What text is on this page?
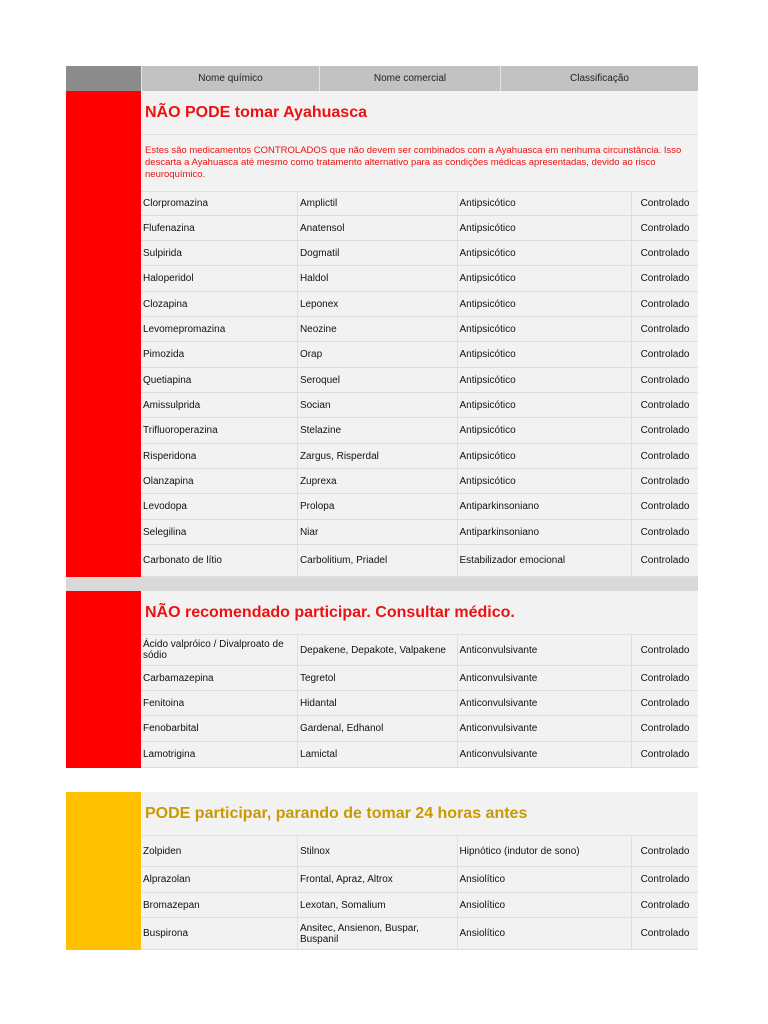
Nome químico	Nome comercial	Classificação
NÃO PODE tomar Ayahuasca
Estes são medicamentos CONTROLADOS que não devem ser combinados com a Ayahuasca em nenhuma circunstância. Isso descarta a Ayahuasca até mesmo como tratamento alternativo para as condições médicas apresentadas, devido ao risco neuroquímico.
Clorpromazina	Amplictil	Antipsicótico	Controlado
Flufenazina	Anatensol	Antipsicótico	Controlado
Sulpirida	Dogmatil	Antipsicótico	Controlado
Haloperidol	Haldol	Antipsicótico	Controlado
Clozapina	Leponex	Antipsicótico	Controlado
Levomepromazina	Neozine	Antipsicótico	Controlado
Pimozida	Orap	Antipsicótico	Controlado
Quetiapina	Seroquel	Antipsicótico	Controlado
Amissulprida	Socian	Antipsicótico	Controlado
Trifluoroperazina	Stelazine	Antipsicótico	Controlado
Risperidona	Zargus, Risperdal	Antipsicótico	Controlado
Olanzapina	Zuprexa	Antipsicótico	Controlado
Levodopa	Prolopa	Antiparkinsoniano	Controlado
Selegilina	Niar	Antiparkinsoniano	Controlado
Carbonato de lítio	Carbolitium, Priadel	Estabilizador emocional	Controlado
NÃO recomendado participar. Consultar médico.
Ácido valpróico / Divalproato de sódio	Depakene, Depakote, Valpakene	Anticonvulsivante	Controlado
Carbamazepina	Tegretol	Anticonvulsivante	Controlado
Fenitoina	Hidantal	Anticonvulsivante	Controlado
Fenobarbital	Gardenal, Edhanol	Anticonvulsivante	Controlado
Lamotrigina	Lamictal	Anticonvulsivante	Controlado
PODE participar, parando de tomar 24 horas antes
Zolpiden	Stilnox	Hipnótico (indutor de sono)	Controlado
Alprazolan	Frontal, Apraz, Altrox	Ansiolítico	Controlado
Bromazepan	Lexotan, Somalium	Ansiolítico	Controlado
Buspirona	Ansitec, Ansienon, Buspar, Buspanil	Ansiolítico	Controlado
